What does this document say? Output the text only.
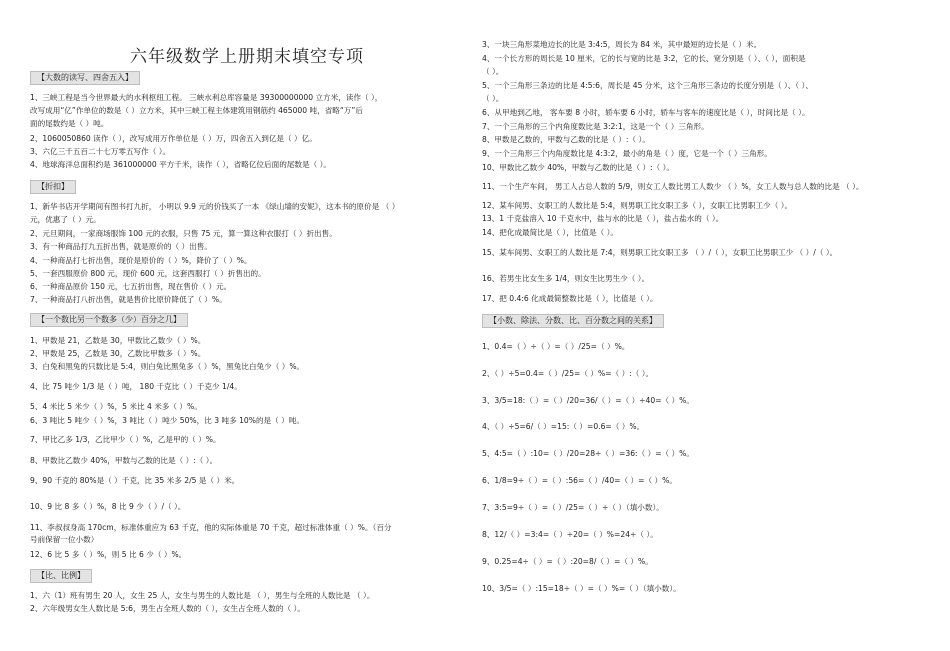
六年级数学上册期末填空专项
【大数的读写、四舍五入】
1、三峡工程是当今世界最大的水利枢纽工程。 三峡水利总库容量是 39300000000 立方米，读作（ ），
改写成用“亿”作单位的数是（ ）立方米，其中三峡工程主体建筑用钢筋约 465000 吨，省略“万”后
面的尾数约是（ ）吨。
2、1060050860 读作（ ），改写成用万作单位是（ ）万，四舍五入到亿是（ ）亿。
3、六亿三千五百二十七万零五写作（ ）。
4、地球海洋总面积约是 361000000 平方千米，读作（ ），省略亿位后面的尾数是（ ）。
【折扣】
1、新华书店开学期间有图书打九折， 小明以 9.9 元的价钱买了一本 《绿山墙的安妮》，这本书的原价是 （ ）
元，优惠了（ ）元。
2、元旦期间，一家商场服饰 100 元的衣服，只售 75 元，算一算这种衣服打（ ）折出售。
3、有一种商品打九五折出售，就是原价的（ ）出售。
4、一种商品打七折出售，现价是原价的（ ）%，降价了（ ）%。
5、一套西服原价 800 元，现价 600 元，这套西服打（ ）折售出的。
6、一种商品原价 150 元，七五折出售，现在售价（ ）元。
7、一种商品打八折出售，就是售价比原价降低了（ ）%。
【一个数比另一个数多（少）百分之几】
1、甲数是 21，乙数是 30，甲数比乙数少（ ）%。
2、甲数是 25，乙数是 30，乙数比甲数多（ ）%。
3、白兔和黑兔的只数比是 5:4，则白兔比黑兔多（ ）%，黑兔比白兔少（ ）%。
4、比 75 吨少 1/3 是（ ）吨， 180 千克比（ ）千克少 1/4。
5、4 米比 5 米少（ ）%，5 米比 4 米多（ ）%。
6、3 吨比 5 吨少（ ）%，3 吨比（ ）吨少 50%，比 3 吨多 10%的是（ ）吨。
7、甲比乙多 1/3，乙比甲少（ ）%，乙是甲的（ ）%。
8、甲数比乙数少 40%，甲数与乙数的比是（ ）:（ ）。
9、90 千克的 80%是（ ）千克，比 35 米多 2/5 是（ ）米。
10、9 比 8 多（ ）%，8 比 9 少（ ）/（ ）。
11、李叔叔身高 170cm，标准体重应为 63 千克，他的实际体重是 70 千克，超过标准体重（ ）%。（百分
号前保留一位小数）
12、6 比 5 多（ ）%，则 5 比 6 少（ ）%。
【比、比例】
1、六（1）班有男生 20 人，女生 25 人，女生与男生的人数比是 （ ），男生与全班的人数比是 （ ）。
2、六年级男女生人数比是 5:6，男生占全班人数的（ ），女生占全班人数的（ ）。
3、一块三角形菜地边长的比是 3:4:5，周长为 84 米，其中最短的边长是（ ）米。
4、一个长方形的周长是 10 厘米，它的长与宽的比是 3:2，它的长、宽分别是（ ）、（ ），面积是
（ ）。
5、一个三角形三条边的比是 4:5:6，周长是 45 分米，这个三角形三条边的长度分别是（ ）、（ ）、
（ ）。
6、从甲地到乙地， 客车要 8 小时，轿车要 6 小时，轿车与客车的速度比是（ ），时间比是（ ）。
7、一个三角形的三个内角度数比是 3:2:1，这是一个（ ）三角形。
8、甲数是乙数的，甲数与乙数的比是（ ）:（ ）。
9、一个三角形三个内角度数比是 4:3:2，最小的角是（ ）度，它是一个（ ）三角形。
10、甲数比乙数少 40%，甲数与乙数的比是（ ）:（ ）。
11、一个生产车间， 男工人占总人数的 5/9，则女工人数比男工人数少 （ ）%，女工人数与总人数的比是 （ ）。
12、某车间男、女职工的人数比是 5:4，则男职工比女职工多（ ），女职工比男职工少（ ）。
13、1 千克盐溶入 10 千克水中，盐与水的比是（ ），盐占盐水的（ ）。
14、把化成最简比是（ ），比值是（ ）。
15、某车间男、女职工的人数比是 7:4，则男职工比女职工多 （ ）/（ ），女职工比男职工少 （ ）/（ ）。
16、若男生比女生多 1/4，则女生比男生少（ ）。
17、把 0.4:6 化成最简整数比是（ ），比值是（ ）。
【小数、除法、分数、比、百分数之间的关系】
1、0.4=（ ）÷（ ）=（ ）/25=（ ）%。
2、（ ）÷5=0.4=（ ）/25=（ ）%=（ ）:（ ）。
3、3/5=18:（ ）=（ ）/20=36/（ ）=（ ）÷40=（ ）%。
4、（ ）÷5=6/（ ）=15:（ ）=0.6=（ ）%。
5、4:5=（ ）:10=（ ）/20=28÷（ ）=36:（ ）=（ ）%。
6、1/8=9÷（ ）=（ ）:56=（ ）/40=（ ）=（ ）%。
7、3:5=9÷（ ）=（ ）/25=（ ）÷（ ）（填小数）。
8、12/（ ）=3:4=（ ）÷20=（ ）%=24÷（ ）。
9、0.25=4÷（ ）=（ ）:20=8/（ ）=（ ）%。
10、3/5=（ ）:15=18÷（ ）=（ ）%=（ ）（填小数）。
